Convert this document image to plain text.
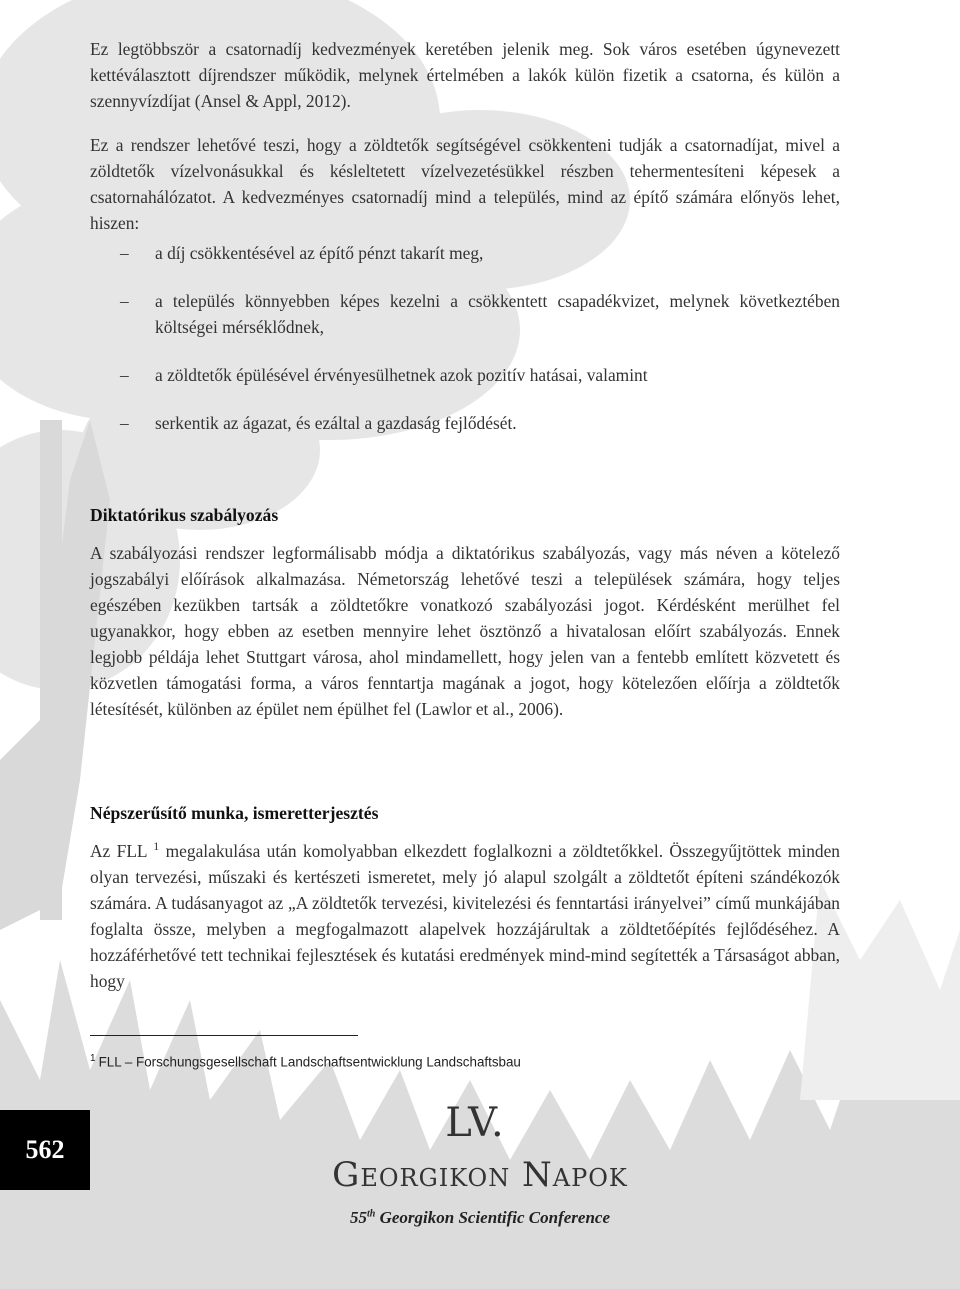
Ez legtöbbször a csatornadíj kedvezmények keretében jelenik meg. Sok város esetében úgynevezett kettéválasztott díjrendszer működik, melynek értelmében a lakók külön fizetik a csatorna, és külön a szennyvízdíjat (Ansel & Appl, 2012).

Ez a rendszer lehetővé teszi, hogy a zöldtetők segítségével csökkenteni tudják a csatornadíjat, mivel a zöldtetők vízelvonásukkal és késleltetett vízelvezetésükkel részben tehermentesíteni képesek a csatornahálózatot. A kedvezményes csatornadíj mind a település, mind az építő számára előnyös lehet, hiszen:

– a díj csökkentésével az építő pénzt takarít meg,
– a település könnyebben képes kezelni a csökkentett csapadékvizet, melynek következtében költségei mérséklődnek,
– a zöldtetők épülésével érvényesülhetnek azok pozitív hatásai, valamint
– serkentik az ágazat, és ezáltal a gazdaság fejlődését.
Diktatórikus szabályozás

A szabályozási rendszer legformálisabb módja a diktatórikus szabályozás, vagy más néven a kötelező jogszabályi előírások alkalmazása. Németország lehetővé teszi a települések számára, hogy teljes egészében kezükben tartsák a zöldtetőkre vonatkozó szabályozási jogot. Kérdésként merülhet fel ugyanakkor, hogy ebben az esetben mennyire lehet ösztönző a hivatalosan előírt szabályozás. Ennek legjobb példája lehet Stuttgart városa, ahol mindamellett, hogy jelen van a fentebb említett közvetett és közvetlen támogatási forma, a város fenntartja magának a jogot, hogy kötelezően előírja a zöldtetők létesítését, különben az épület nem épülhet fel (Lawlor et al., 2006).

Népszerűsítő munka, ismeretterjesztés

Az FLL $^1$ megalakulása után komolyabban elkezdett foglalkozni a zöldtetőkkel. Összegyűjtöttek minden olyan tervezési, műszaki és kertészeti ismeretet, mely jó alapul szolgált a zöldtetőt építeni szándékozók számára. A tudásanyagot az „A zöldtetők tervezési, kivitelezési és fenntartási irányelvei” című munkájában foglalta össze, melyben a megfogalmazott alapelvek hozzájárultak a zöldtetőépítés fejlődéséhez. A hozzáférhetővé tett technikai fejlesztések és kutatási eredmények mind-mind segítették a Társaságot abban, hogy

$^1$ FLL – Forschungsgesellschaft Landschaftsentwicklung Landschaftsbau
562
LV.
Georgikon Napok
55th Georgikon Scientific Conference
